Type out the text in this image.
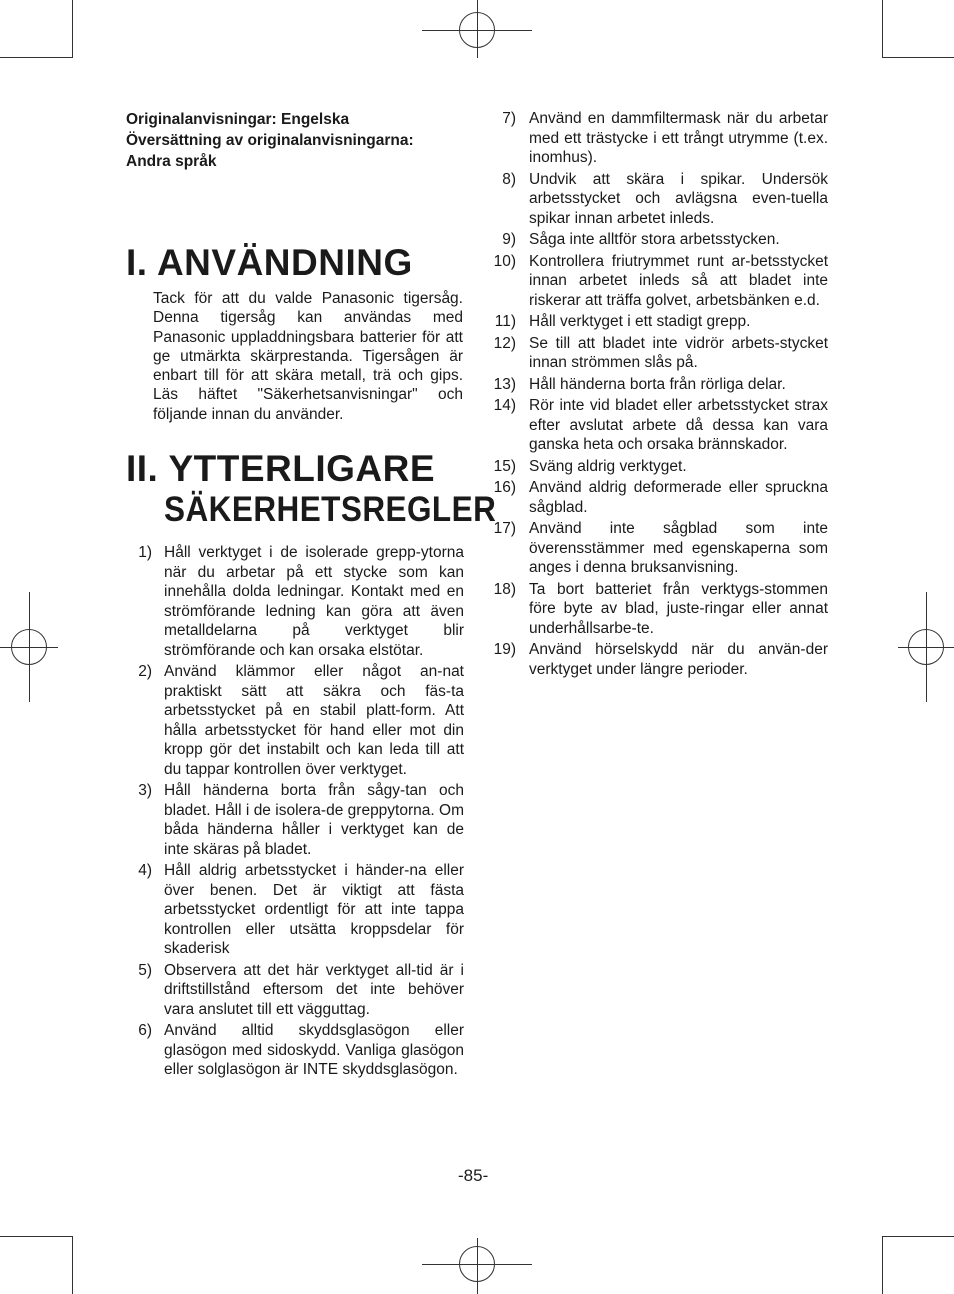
Originalanvisningar: Engelska
Översättning av originalanvisningarna:
Andra språk
I. ANVÄNDNING
Tack för att du valde Panasonic tigersåg. Denna tigersåg kan användas med Panasonic uppladdningsbara batterier för att ge utmärkta skärprestanda. Tigersågen är enbart till för att skära metall, trä och gips. Läs häftet "Säkerhetsanvisningar" och följande innan du använder.
II. YTTERLIGARE
SÄKERHETSREGLER
1) Håll verktyget i de isolerade grepp-ytorna när du arbetar på ett stycke som kan innehålla dolda ledningar. Kontakt med en strömförande ledning kan göra att även metalldelarna på verktyget blir strömförande och kan orsaka elstötar.
2) Använd klämmor eller något an-nat praktiskt sätt att säkra och fäs-ta arbetsstycket på en stabil platt-form. Att hålla arbetsstycket för hand eller mot din kropp gör det instabilt och kan leda till att du tappar kontrollen över verktyget.
3) Håll händerna borta från sågy-tan och bladet. Håll i de isolera-de greppytorna. Om båda händerna håller i verktyget kan de inte skäras på bladet.
4) Håll aldrig arbetsstycket i händer-na eller över benen. Det är viktigt att fästa arbetsstycket ordentligt för att inte tappa kontrollen eller utsätta kroppsdelar för skaderisk
5) Observera att det här verktyget all-tid är i driftstillstånd eftersom det inte behöver vara anslutet till ett vägguttag.
6) Använd alltid skyddsglasögon eller glasögon med sidoskydd. Vanliga glasögon eller solglasögon är INTE skyddsglasögon.
7) Använd en dammfiltermask när du arbetar med ett trästycke i ett trångt utrymme (t.ex. inomhus).
8) Undvik att skära i spikar. Undersök arbetsstycket och avlägsna even-tuella spikar innan arbetet inleds.
9) Såga inte alltför stora arbetsstycken.
10) Kontrollera friutrymmet runt ar-betsstycket innan arbetet inleds så att bladet inte riskerar att träffa golvet, arbetsbänken e.d.
11) Håll verktyget i ett stadigt grepp.
12) Se till att bladet inte vidrör arbets-stycket innan strömmen slås på.
13) Håll händerna borta från rörliga delar.
14) Rör inte vid bladet eller arbetsstycket strax efter avslutat arbete då dessa kan vara ganska heta och orsaka brännskador.
15) Sväng aldrig verktyget.
16) Använd aldrig deformerade eller spruckna sågblad.
17) Använd inte sågblad som inte överensstämmer med egenskaperna som anges i denna bruksanvisning.
18) Ta bort batteriet från verktygs-stommen före byte av blad, juste-ringar eller annat underhållsarbe-te.
19) Använd hörselskydd när du använ-der verktyget under längre perioder.
-85-
